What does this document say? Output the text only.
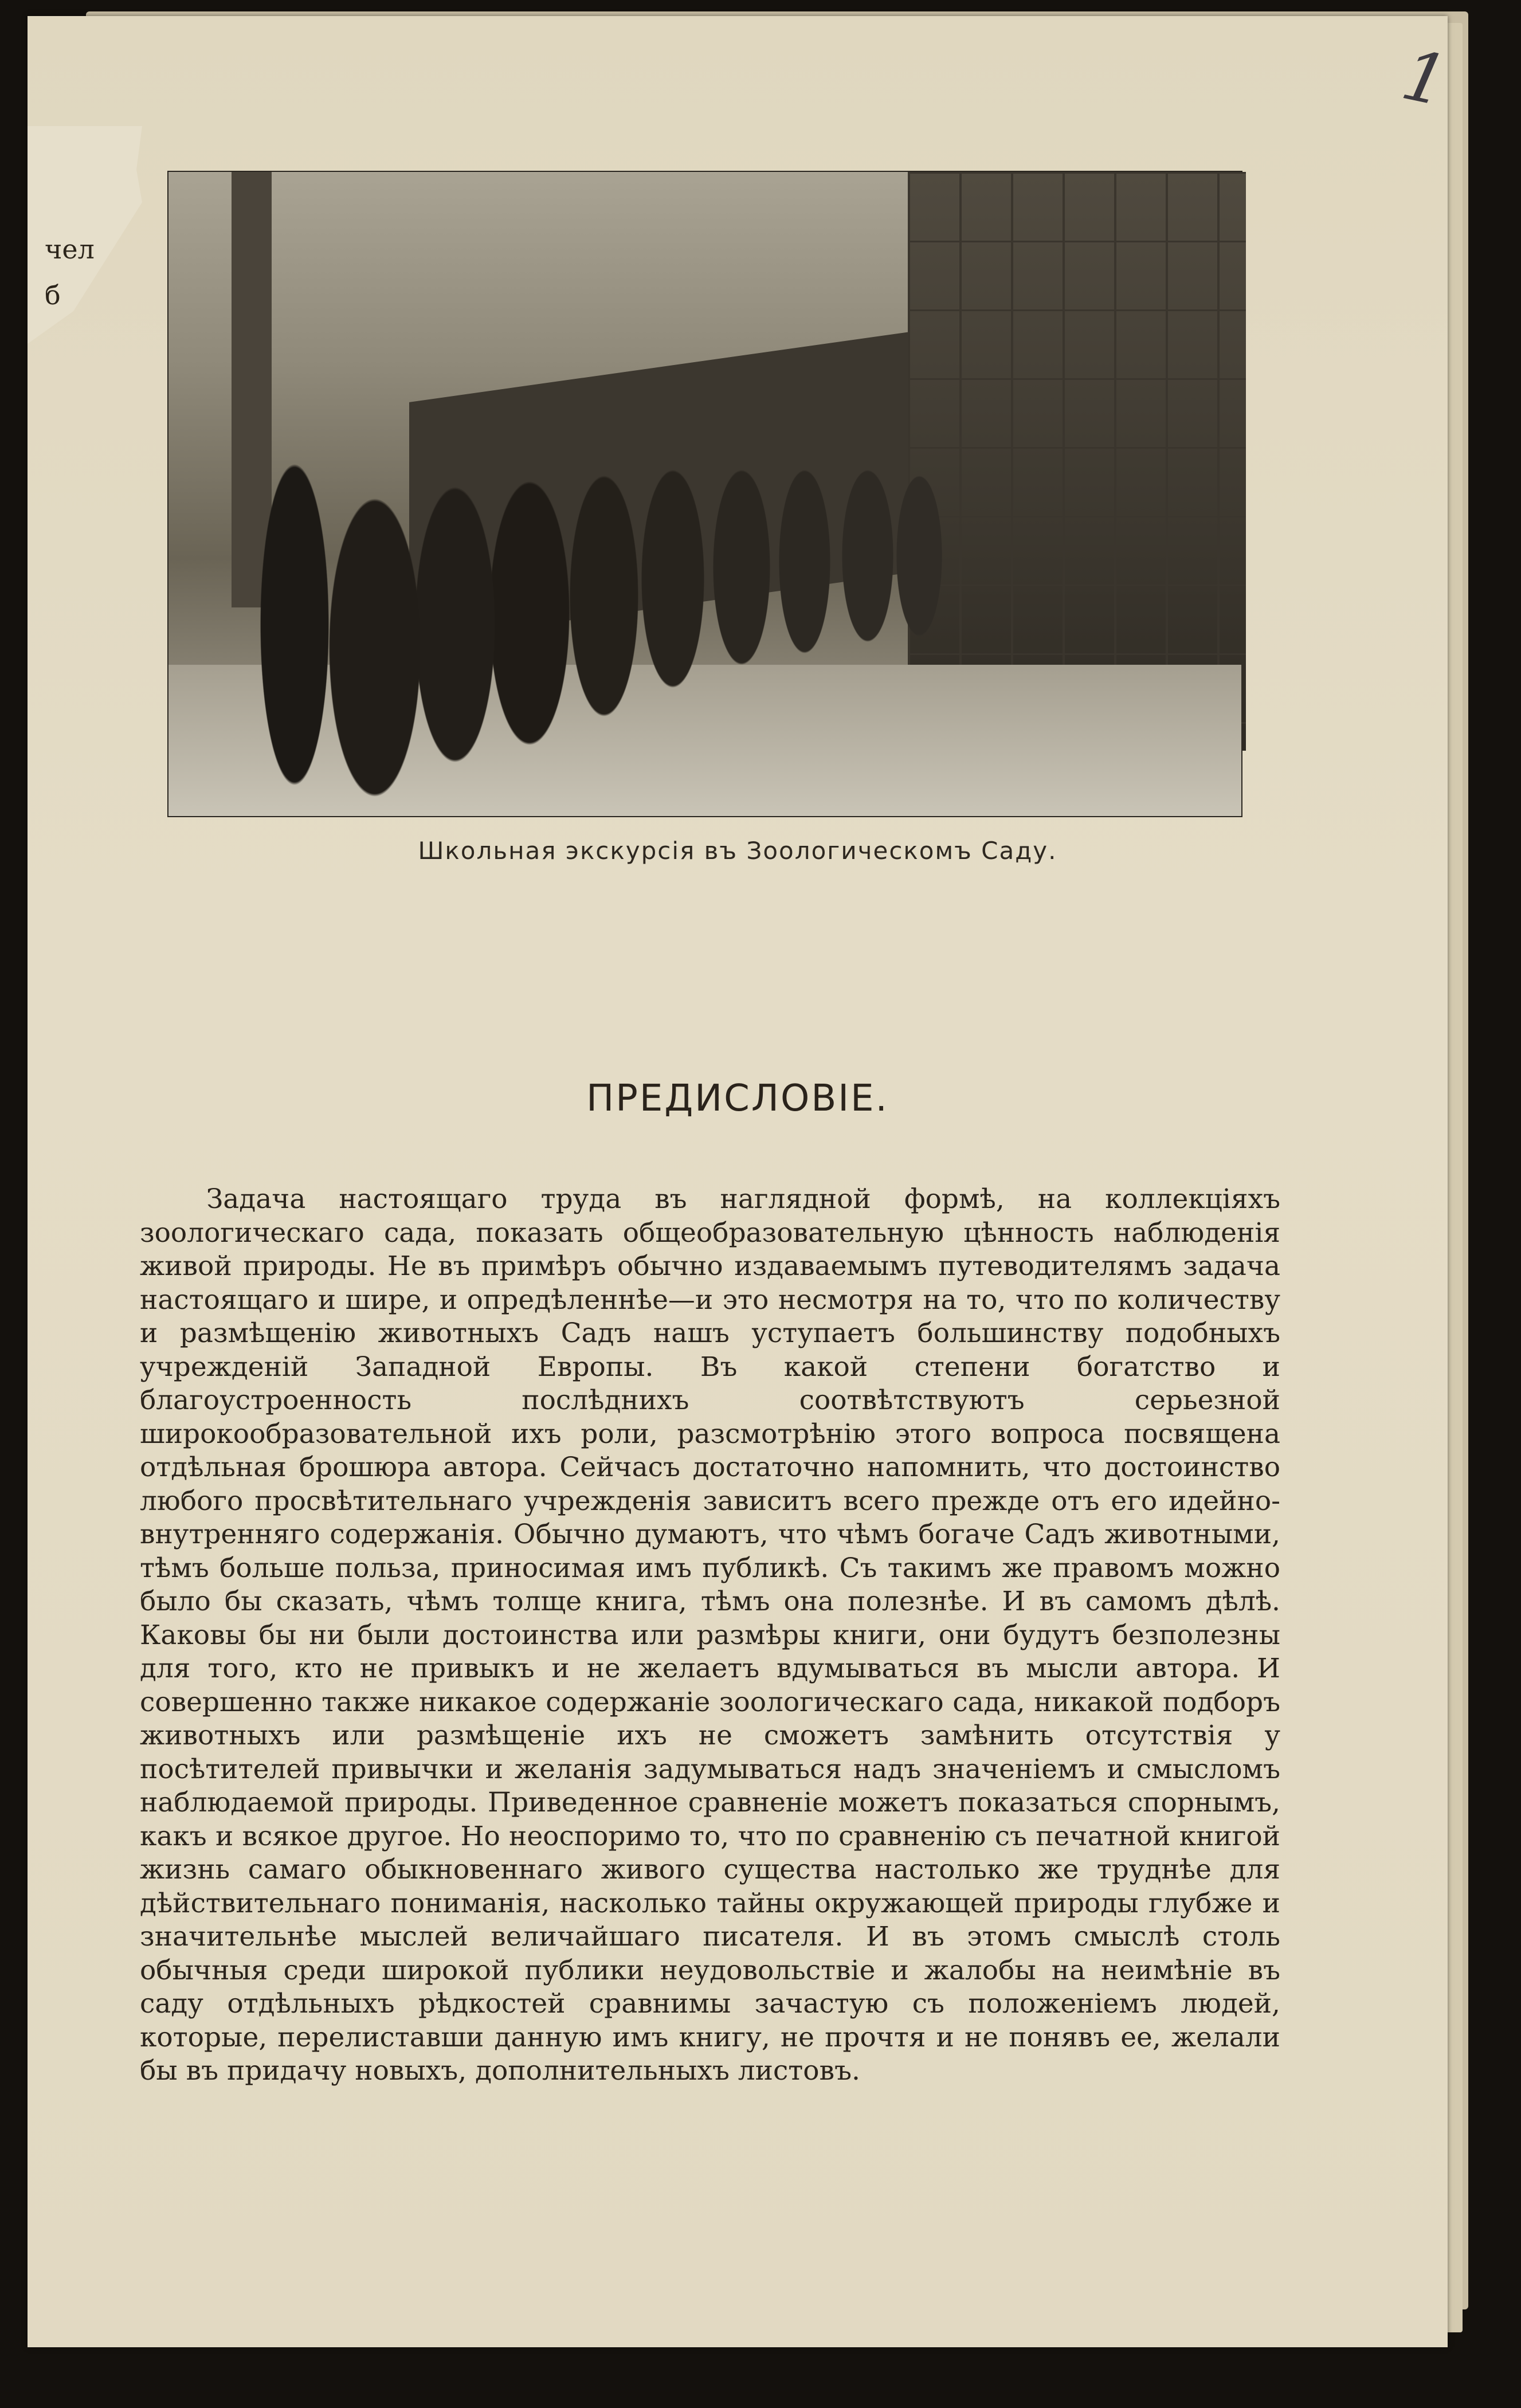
1
Школьная экскурсія въ Зоологическомъ Саду.
ПРЕДИСЛОВІЕ.

Задача настоящаго труда въ наглядной формѣ, на коллекціяхъ зоологическаго сада, показать общеобразовательную цѣнность наблюденія живой природы. Не въ примѣръ обычно издаваемымъ путеводителямъ задача настоящаго и шире, и опредѣленнѣе—и это несмотря на то, что по количеству и размѣщенію животныхъ Садъ нашъ уступаетъ большинству подобныхъ учрежденій Западной Европы. Въ какой степени богатство и благоустроенность послѣднихъ соотвѣтствуютъ серьезной широкообразовательной ихъ роли, разсмотрѣнію этого вопроса посвящена отдѣльная брошюра автора. Сейчасъ достаточно напомнить, что достоинство любого просвѣтительнаго учрежденія зависитъ всего прежде отъ его идейно-внутренняго содержанія. Обычно думаютъ, что чѣмъ богаче Садъ животными, тѣмъ больше польза, приносимая имъ публикѣ. Съ такимъ же правомъ можно было бы сказать, чѣмъ толще книга, тѣмъ она полезнѣе. И въ самомъ дѣлѣ. Каковы бы ни были достоинства или размѣры книги, они будутъ безполезны для того, кто не привыкъ и не желаетъ вдумываться въ мысли автора. И совершенно также никакое содержаніе зоологическаго сада, никакой подборъ животныхъ или размѣщеніе ихъ не сможетъ замѣнить отсутствія у посѣтителей привычки и желанія задумываться надъ значеніемъ и смысломъ наблюдаемой природы. Приведенное сравненіе можетъ показаться спорнымъ, какъ и всякое другое. Но неоспоримо то, что по сравненію съ печатной книгой жизнь самаго обыкновеннаго живого существа настолько же труднѣе для дѣйствительнаго пониманія, насколько тайны окружающей природы глубже и значительнѣе мыслей величайшаго писателя. И въ этомъ смыслѣ столь обычныя среди широкой публики неудовольствіе и жалобы на неимѣніе въ саду отдѣльныхъ рѣдкостей сравнимы зачастую съ положеніемъ людей, которые, перелиставши данную имъ книгу, не прочтя и не понявъ ее, желали бы въ придачу новыхъ, дополнительныхъ листовъ.

чел
б
